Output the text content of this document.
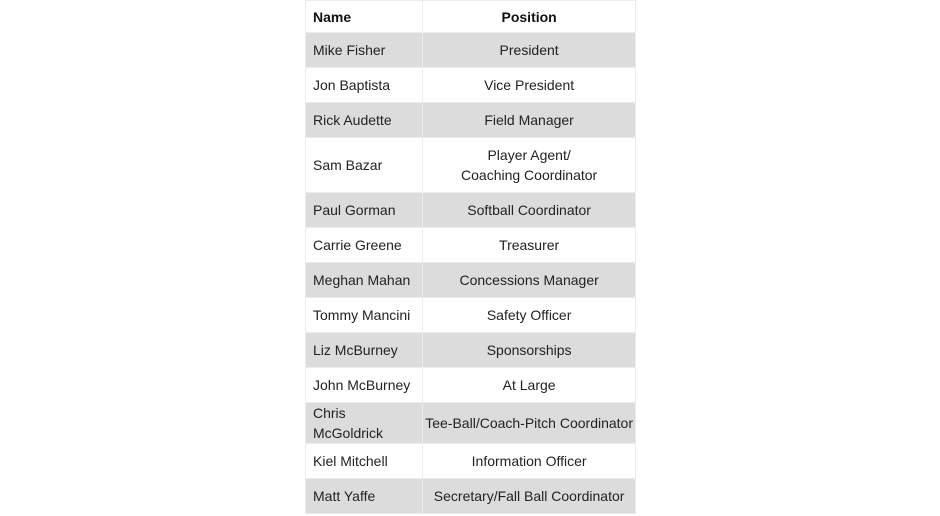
Name	Position
Mike Fisher	President

Jon Baptista	Vice President

Rick Audette	Field Manager

Sam Bazar	Player Agent/
Coaching Coordinator

Paul Gorman	Softball Coordinator

Carrie Greene	Treasurer

Meghan Mahan	Concessions Manager

Tommy Mancini	Safety Officer

Liz McBurney	Sponsorships

John McBurney	At Large

Chris McGoldrick	Tee-Ball/Coach-Pitch Coordinator

Kiel Mitchell	Information Officer

Matt Yaffe	Secretary/Fall Ball Coordinator
